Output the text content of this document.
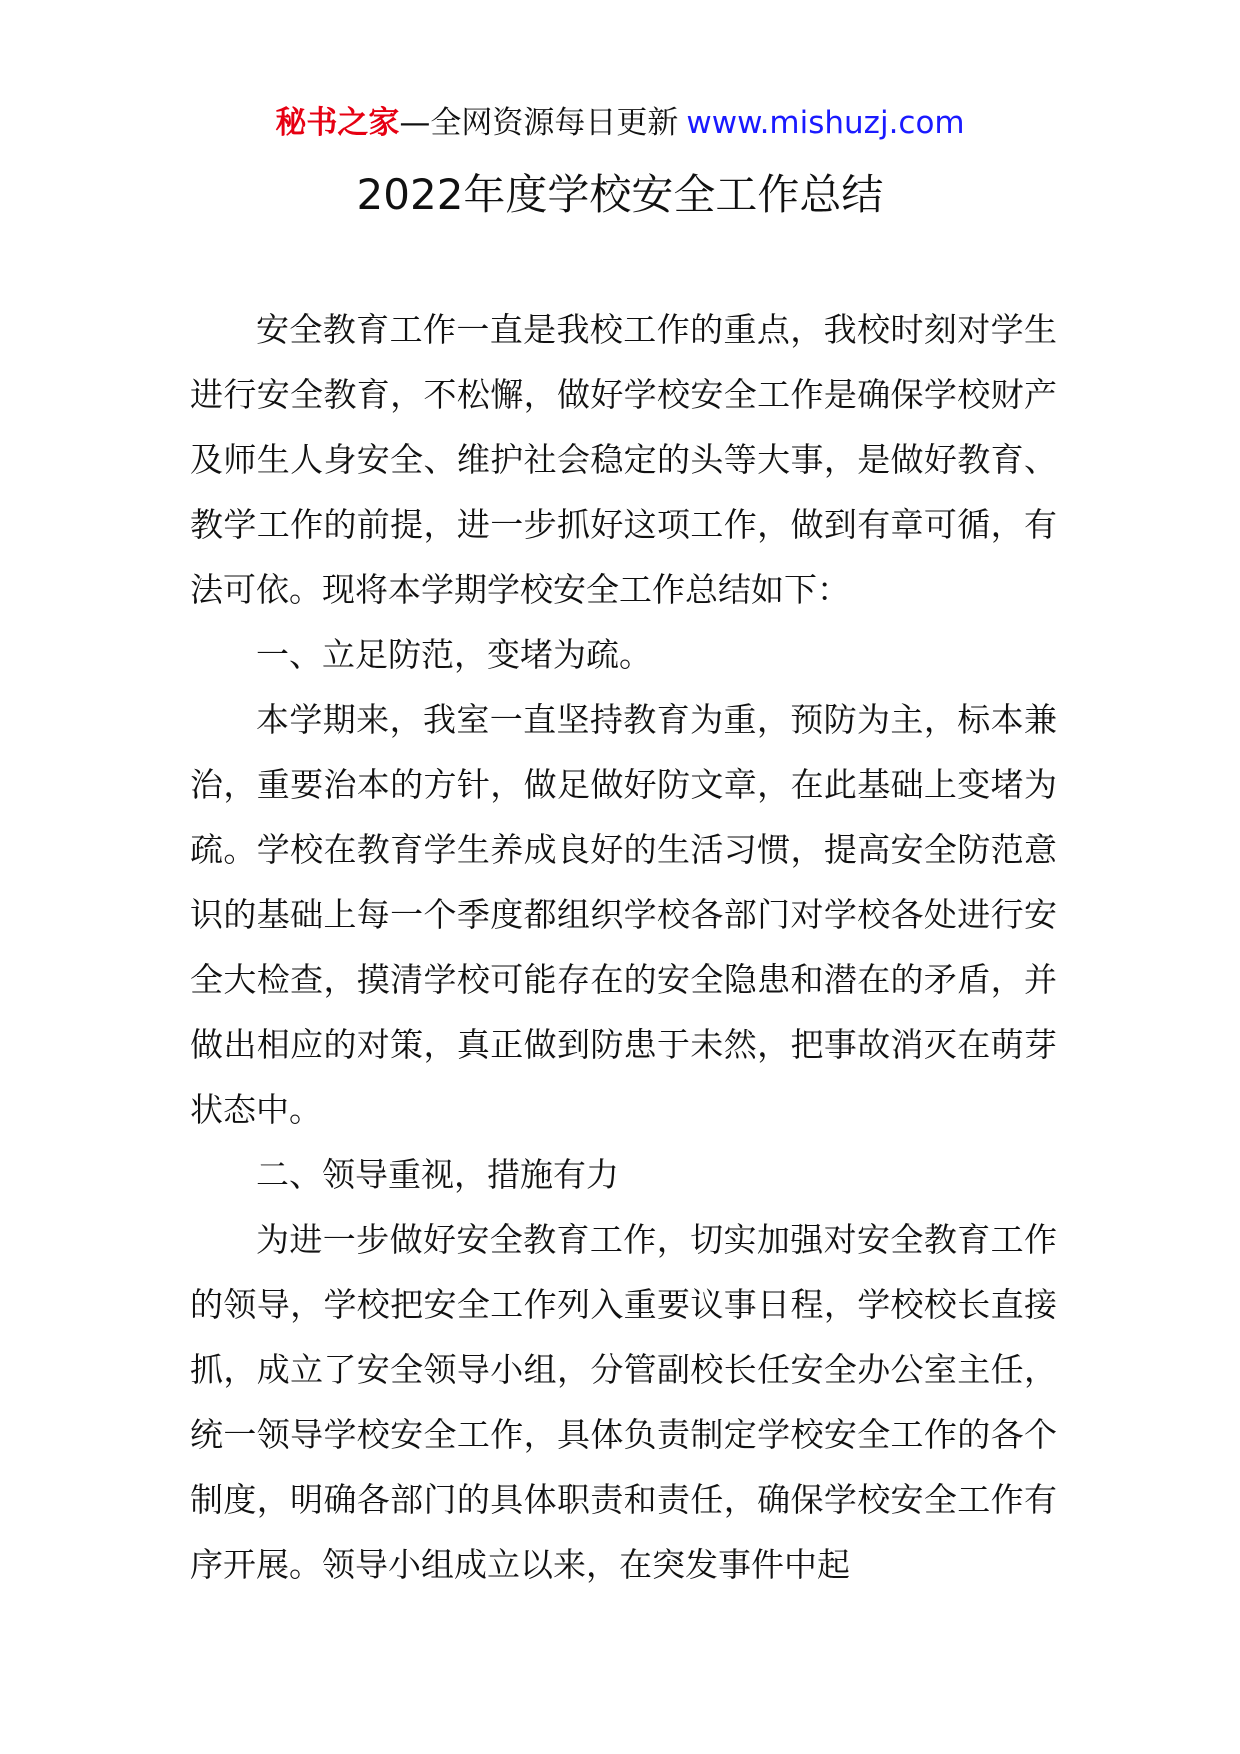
秘书之家—全网资源每日更新 www.mishuzj.com
2022年度学校安全工作总结

安全教育工作一直是我校工作的重点，我校时刻对学生进行安全教育，不松懈，做好学校安全工作是确保学校财产及师生人身安全、维护社会稳定的头等大事，是做好教育、教学工作的前提，进一步抓好这项工作，做到有章可循，有法可依。现将本学期学校安全工作总结如下：

一、立足防范，变堵为疏。

本学期来，我室一直坚持教育为重，预防为主，标本兼治，重要治本的方针，做足做好防文章，在此基础上变堵为疏。学校在教育学生养成良好的生活习惯，提高安全防范意识的基础上每一个季度都组织学校各部门对学校各处进行安全大检查，摸清学校可能存在的安全隐患和潜在的矛盾，并做出相应的对策，真正做到防患于未然，把事故消灭在萌芽状态中。

二、领导重视，措施有力

为进一步做好安全教育工作，切实加强对安全教育工作的领导，学校把安全工作列入重要议事日程，学校校长直接抓，成立了安全领导小组，分管副校长任安全办公室主任，统一领导学校安全工作，具体负责制定学校安全工作的各个制度，明确各部门的具体职责和责任，确保学校安全工作有序开展。领导小组成立以来，在突发事件中起
